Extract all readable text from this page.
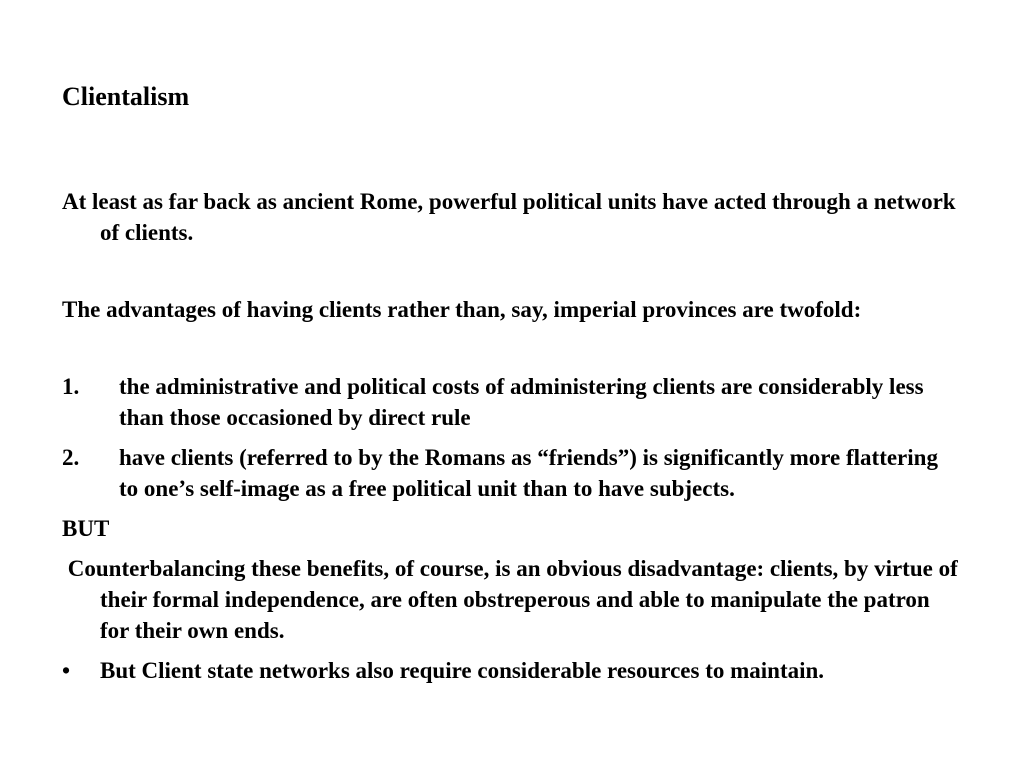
Clientalism

At least as far back as ancient Rome, powerful political units have acted through a network of clients.

The advantages of having clients rather than, say, imperial provinces are twofold:

1.	the administrative and political costs of administering clients are considerably less than those occasioned by direct rule
2.	have clients (referred to by the Romans as “friends”) is significantly more flattering to one’s self-image as a free political unit than to have subjects.

BUT

Counterbalancing these benefits, of course, is an obvious disadvantage: clients, by virtue of their formal independence, are often obstreperous and able to manipulate the patron for their own ends.

•	But Client state networks also require considerable resources to maintain.
